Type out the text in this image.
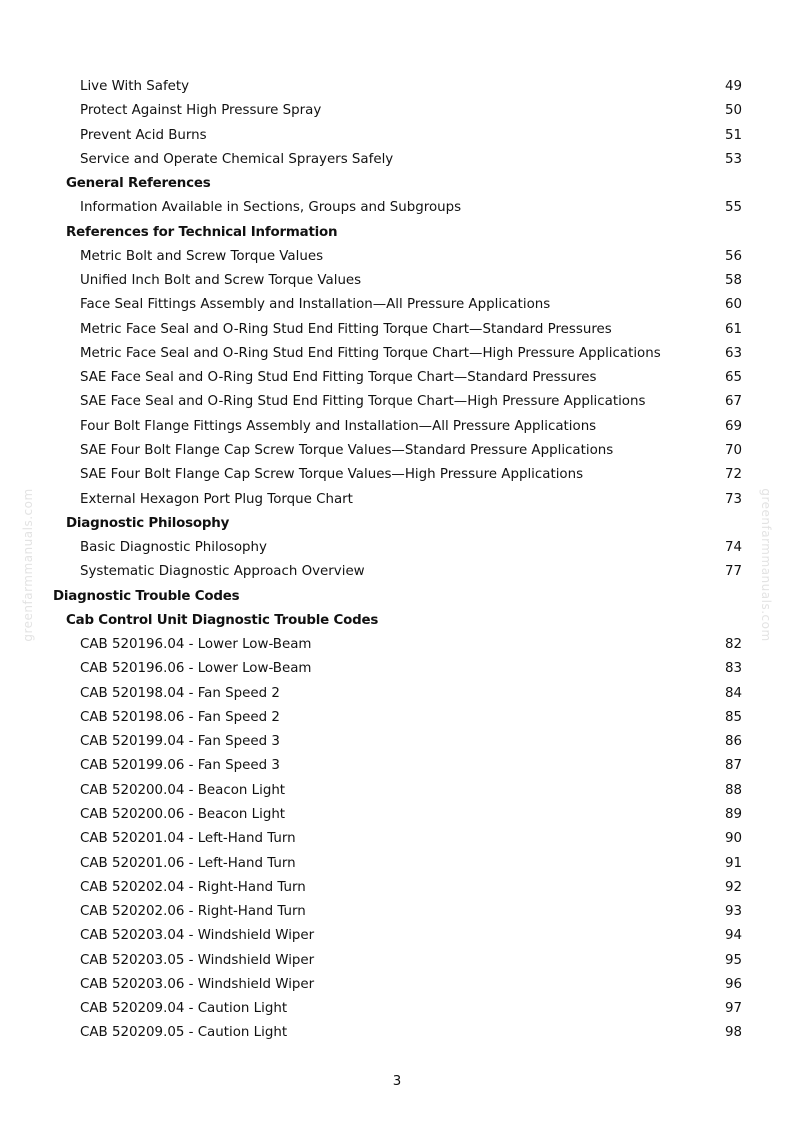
greenfarmmanuals.com	greenfarmmanuals.com
Live With Safety	49
Protect Against High Pressure Spray	50
Prevent Acid Burns	51
Service and Operate Chemical Sprayers Safely	53
General References
Information Available in Sections, Groups and Subgroups	55
References for Technical Information
Metric Bolt and Screw Torque Values	56
Unified Inch Bolt and Screw Torque Values	58
Face Seal Fittings Assembly and Installation—All Pressure Applications	60
Metric Face Seal and O-Ring Stud End Fitting Torque Chart—Standard Pressures	61
Metric Face Seal and O-Ring Stud End Fitting Torque Chart—High Pressure Applications	63
SAE Face Seal and O-Ring Stud End Fitting Torque Chart—Standard Pressures	65
SAE Face Seal and O-Ring Stud End Fitting Torque Chart—High Pressure Applications	67
Four Bolt Flange Fittings Assembly and Installation—All Pressure Applications	69
SAE Four Bolt Flange Cap Screw Torque Values—Standard Pressure Applications	70
SAE Four Bolt Flange Cap Screw Torque Values—High Pressure Applications	72
External Hexagon Port Plug Torque Chart	73
Diagnostic Philosophy
Basic Diagnostic Philosophy	74
Systematic Diagnostic Approach Overview	77
Diagnostic Trouble Codes
Cab Control Unit Diagnostic Trouble Codes
CAB 520196.04 - Lower Low-Beam	82
CAB 520196.06 - Lower Low-Beam	83
CAB 520198.04 - Fan Speed 2	84
CAB 520198.06 - Fan Speed 2	85
CAB 520199.04 - Fan Speed 3	86
CAB 520199.06 - Fan Speed 3	87
CAB 520200.04 - Beacon Light	88
CAB 520200.06 - Beacon Light	89
CAB 520201.04 - Left-Hand Turn	90
CAB 520201.06 - Left-Hand Turn	91
CAB 520202.04 - Right-Hand Turn	92
CAB 520202.06 - Right-Hand Turn	93
CAB 520203.04 - Windshield Wiper	94
CAB 520203.05 - Windshield Wiper	95
CAB 520203.06 - Windshield Wiper	96
CAB 520209.04 - Caution Light	97
CAB 520209.05 - Caution Light	98
3
